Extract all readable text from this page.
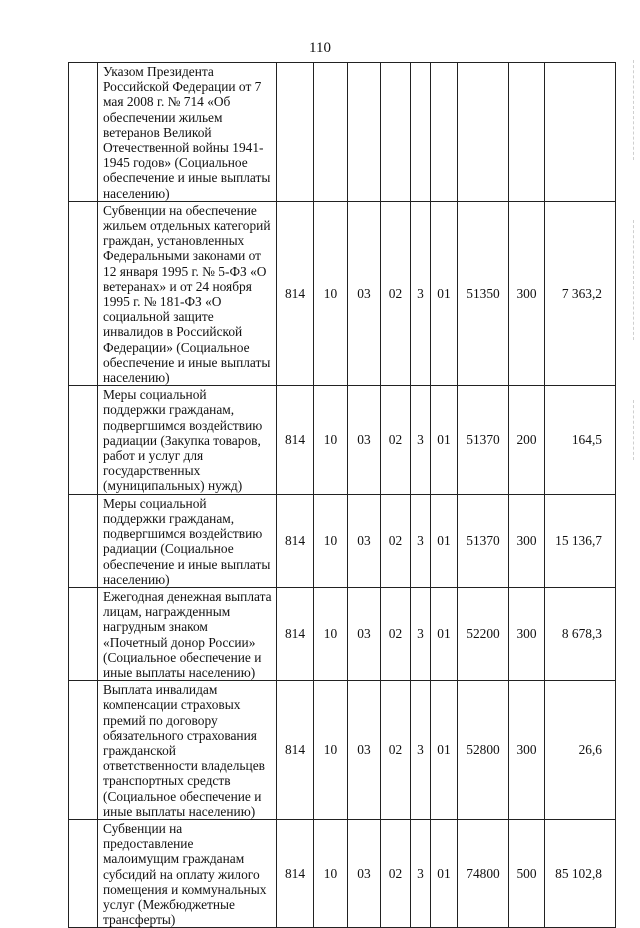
110
	Указом Президента Российской Федерации от 7 мая 2008 г. № 714 «Об обеспечении жильем ветеранов Великой Отечественной войны 1941-1945 годов» (Социальное обеспечение и иные выплаты населению)									
	Субвенции на обеспечение жильем отдельных категорий граждан, установленных Федеральными законами от 12 января 1995 г. № 5-ФЗ «О ветеранах» и от 24 ноября 1995 г. № 181-ФЗ «О социальной защите инвалидов в Российской Федерации» (Социальное обеспечение и иные выплаты населению)	814	10	03	02	3	01	51350	300	7 363,2
	Меры социальной поддержки гражданам, подвергшимся воздействию радиации (Закупка товаров, работ и услуг для государственных (муниципальных) нужд)	814	10	03	02	3	01	51370	200	164,5
	Меры социальной поддержки гражданам, подвергшимся воздействию радиации (Социальное обеспечение и иные выплаты населению)	814	10	03	02	3	01	51370	300	15 136,7
	Ежегодная денежная выплата лицам, награжденным нагрудным знаком «Почетный донор России» (Социальное обеспечение и иные выплаты населению)	814	10	03	02	3	01	52200	300	8 678,3
	Выплата инвалидам компенсации страховых премий по договору обязательного страхования гражданской ответственности владельцев транспортных средств (Социальное обеспечение и иные выплаты населению)	814	10	03	02	3	01	52800	300	26,6
	Субвенции на предоставление малоимущим гражданам субсидий на оплату жилого помещения и коммунальных услуг (Межбюджетные трансферты)	814	10	03	02	3	01	74800	500	85 102,8
